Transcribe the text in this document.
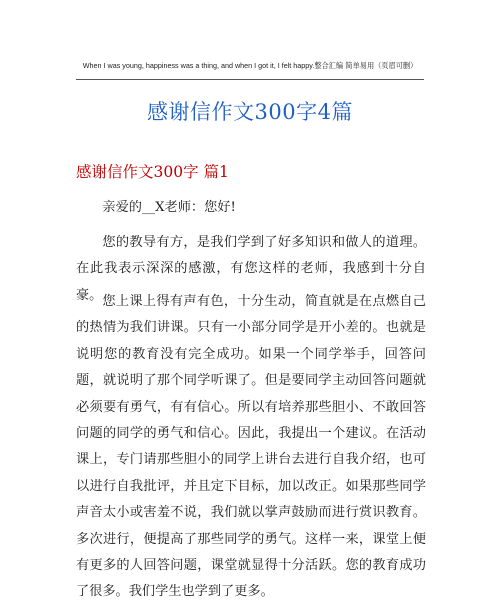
When I was young, happiness was a thing, and when I got it, I felt happy.整合汇编 简单易用（页眉可删）
感谢信作文300字4篇
感谢信作文300字 篇1

亲爱的__X老师：您好!

您的教导有方，是我们学到了好多知识和做人的道理。在此我表示深深的感激，有您这样的老师，我感到十分自豪。 您上课上得有声有色，十分生动，简直就是在点燃自己的热情为我们讲课。只有一小部分同学是开小差的。也就是说明您的教育没有完全成功。如果一个同学举手，回答问题，就说明了那个同学听课了。但是要同学主动回答问题就必须要有勇气，有有信心。所以有培养那些胆小、不敢回答问题的同学的勇气和信心。因此，我提出一个建议。在活动课上，专门请那些胆小的同学上讲台去进行自我介绍，也可以进行自我批评，并且定下目标，加以改正。如果那些同学声音太小或害羞不说，我们就以掌声鼓励而进行赏识教育。多次进行，便提高了那些同学的勇气。这样一来，课堂上便有更多的人回答问题，课堂就显得十分活跃。您的教育成功了很多。我们学生也学到了更多。
